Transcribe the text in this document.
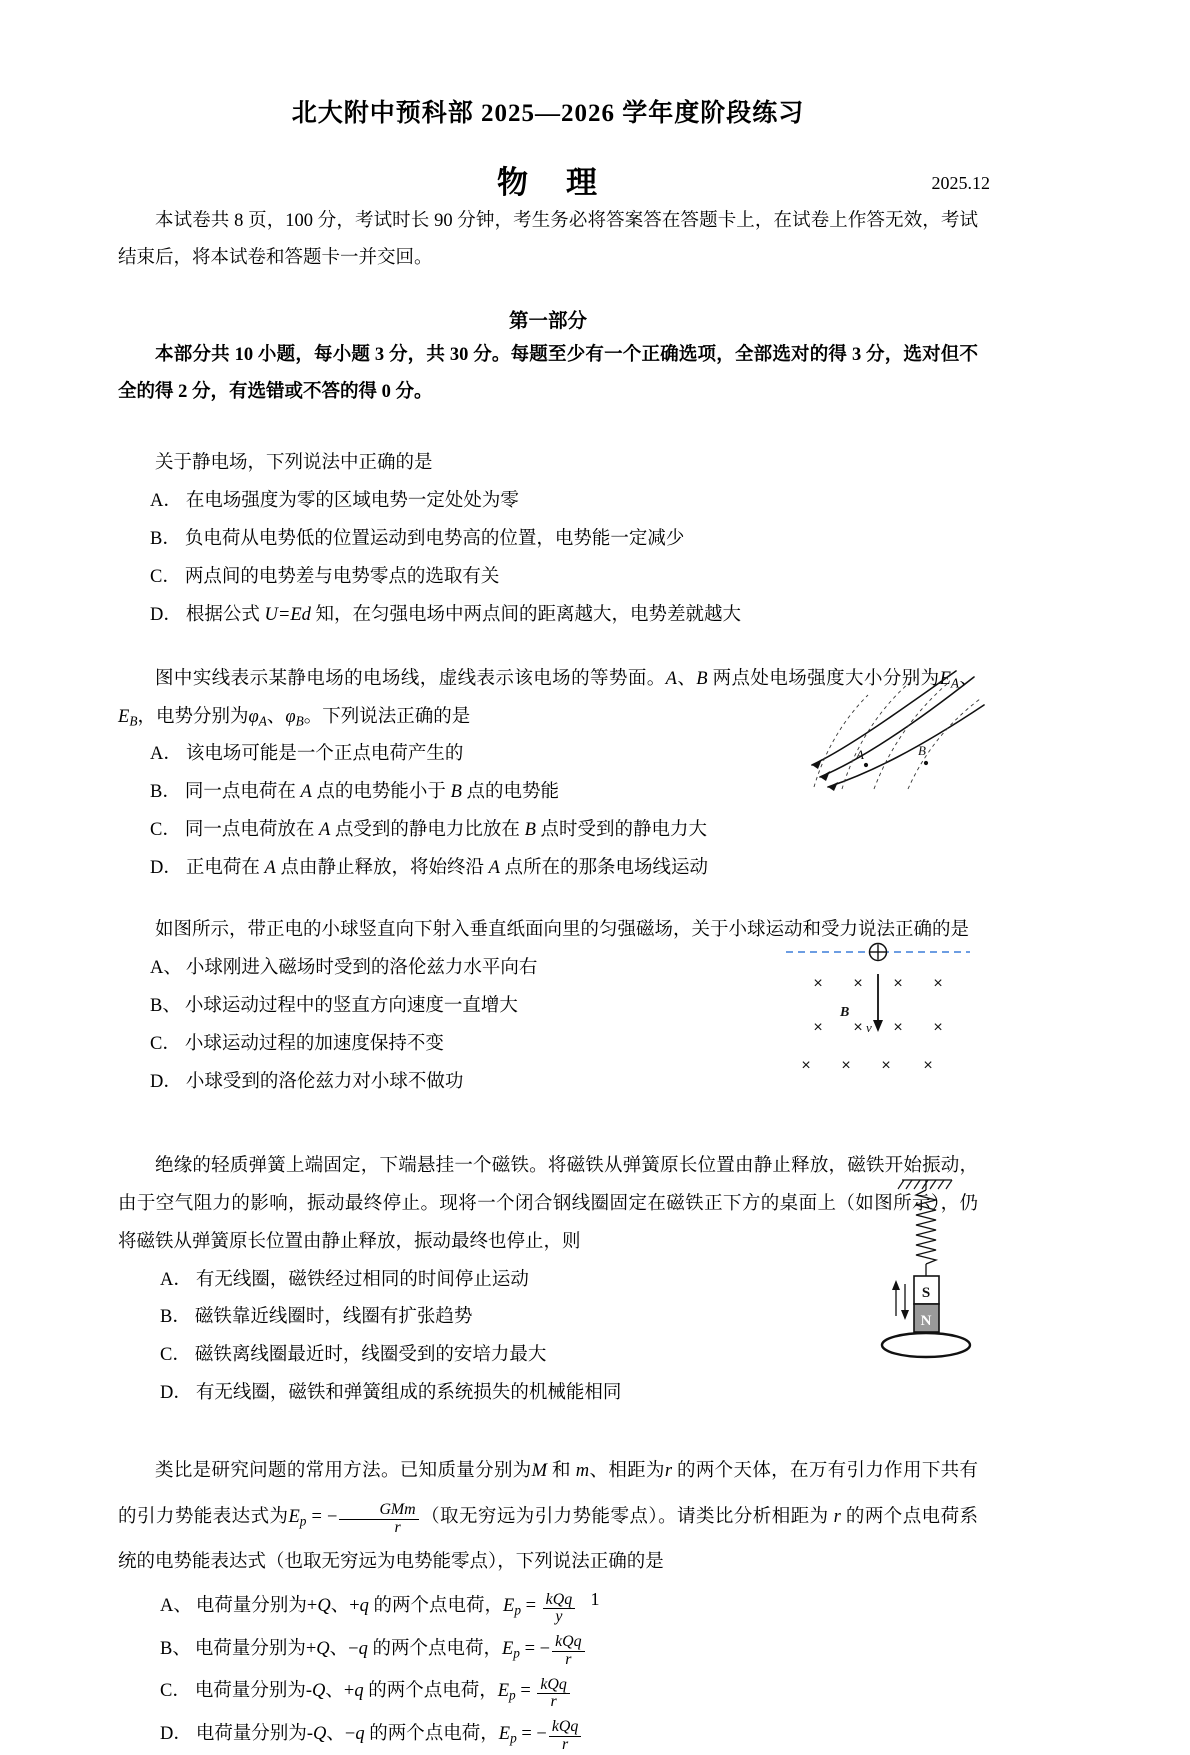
北大附中预科部 2025—2026 学年度阶段练习
物 理	2025.12

本试卷共 8 页，100 分，考试时长 90 分钟，考生务必将答案答在答题卡上，在试卷上作答无效，考试结束后，将本试卷和答题卡一并交回。

第一部分

本部分共 10 小题，每小题 3 分，共 30 分。每题至少有一个正确选项，全部选对的得 3 分，选对但不全的得 2 分，有选错或不答的得 0 分。

关于静电场，下列说法中正确的是

A． 在电场强度为零的区域电势一定处处为零

B． 负电荷从电势低的位置运动到电势高的位置，电势能一定减少

C． 两点间的电势差与电势零点的选取有关

D． 根据公式 U=Ed 知，在匀强电场中两点间的距离越大，电势差就越大

图中实线表示某静电场的电场线，虚线表示该电场的等势面。A、B 两点处电场强度大小分别为$E_A$、$E_B$，电势分别为$\varphi_A$、$\varphi_B$。下列说法正确的是

A． 该电场可能是一个正点电荷产生的

B． 同一点电荷在 A 点的电势能小于 B 点的电势能

C． 同一点电荷放在 A 点受到的静电力比放在 B 点时受到的静电力大

D． 正电荷在 A 点由静止释放，将始终沿 A 点所在的那条电场线运动

A	B

如图所示，带正电的小球竖直向下射入垂直纸面向里的匀强磁场，关于小球运动和受力说法正确的是

A、 小球刚进入磁场时受到的洛伦兹力水平向右

B、 小球运动过程中的竖直方向速度一直增大

C． 小球运动过程的加速度保持不变

D． 小球受到的洛伦兹力对小球不做功

× × × ×
× × × ×
× × × ×
B
v

绝缘的轻质弹簧上端固定，下端悬挂一个磁铁。将磁铁从弹簧原长位置由静止释放，磁铁开始振动，由于空气阻力的影响，振动最终停止。现将一个闭合钢线圈固定在磁铁正下方的桌面上（如图所示），仍将磁铁从弹簧原长位置由静止释放，振动最终也停止，则

A． 有无线圈，磁铁经过相同的时间停止运动

B． 磁铁靠近线圈时，线圈有扩张趋势

C． 磁铁离线圈最近时，线圈受到的安培力最大

D． 有无线圈，磁铁和弹簧组成的系统损失的机械能相同

S
N

类比是研究问题的常用方法。已知质量分别为M 和 m、相距为r 的两个天体，在万有引力作用下共有的引力势能表达式为$E_p$ = − $\frac{\text{GMm}}{r}$ （取无穷远为引力势能零点）。请类比分析相距为 r 的两个点电荷系统的电势能表达式（也取无穷远为电势能零点），下列说法正确的是

A、 电荷量分别为+Q、+q 的两个点电荷，$E_p = \frac{\text{kQq}}{y}$

B、 电荷量分别为+Q、−q 的两个点电荷，$E_p$ = − $\frac{\text{kQq}}{r}$

C． 电荷量分别为-Q、+q 的两个点电荷，$E_p = \frac{\text{kQq}}{r}$

D． 电荷量分别为-Q、−q 的两个点电荷，$E_p$ = − $\frac{\text{kQq}}{r}$

1
